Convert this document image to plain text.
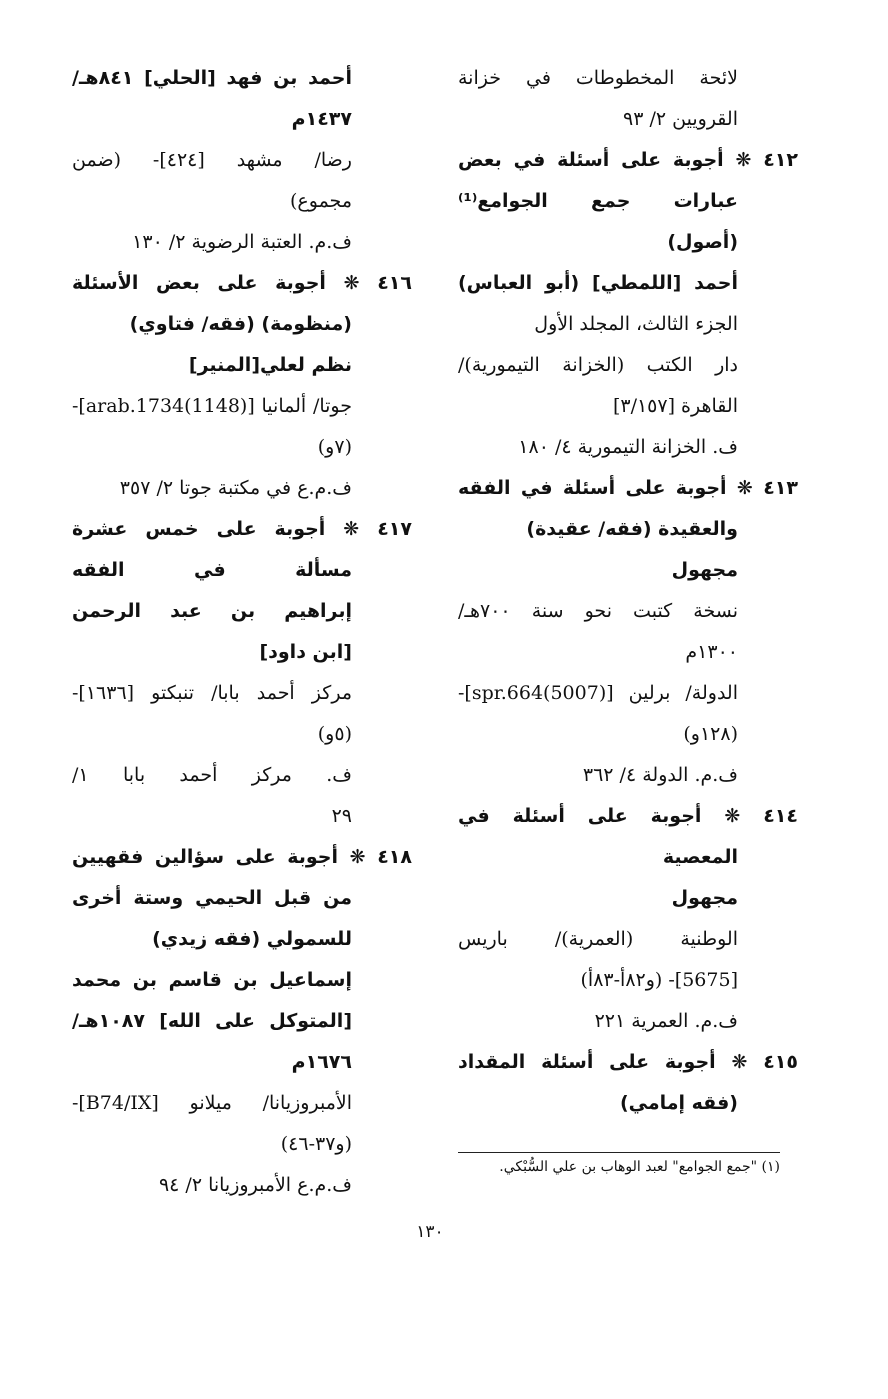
لائحة المخطوطات في خزانة
القرويين ٢/ ٩٣
٤١٢ ❋ أجوبة على أسئلة في بعض
عبارات جمع الجوامع⁽¹⁾
(أصول)
أحمد [اللمطي] (أبو العباس)
الجزء الثالث، المجلد الأول
دار الكتب (الخزانة التيمورية)/
القاهرة [٣/١٥٧]
ف. الخزانة التيمورية ٤/ ١٨٠
٤١٣ ❋ أجوبة على أسئلة في الفقه
والعقيدة (فقه/ عقيدة)
مجهول
نسخة كتبت نحو سنة ٧٠٠هـ/
١٣٠٠م
الدولة/ برلين [spr.664(5007)]-
(١٢٨و)
ف.م. الدولة ٤/ ٣٦٢
٤١٤ ❋ أجوبة على أسئلة في
المعصية
مجهول
الوطنية (العمرية)/ باريس
[5675]- (و٨٢أ-٨٣أ)
ف.م. العمرية ٢٢١
٤١٥ ❋ أجوبة على أسئلة المقداد
(فقه إمامي)
أحمد بن فهد [الحلي] ٨٤١هـ/
١٤٣٧م
رضا/ مشهد [٤٢٤]- (ضمن
مجموع)
ف.م. العتبة الرضوية ٢/ ١٣٠
٤١٦ ❋ أجوبة على بعض الأسئلة
(منظومة) (فقه/ فتاوي)
نظم لعلي[المنير]
جوتا/ ألمانيا [arab.1734(1148)]-
(٧و)
ف.م.ع في مكتبة جوتا ٢/ ٣٥٧
٤١٧ ❋ أجوبة على خمس عشرة
مسألة في الفقه
إبراهيم بن عبد الرحمن
[ابن داود]
مركز أحمد بابا/ تنبكتو [١٦٣٦]-
(٥و)
ف. مركز أحمد بابا ١/
٢٩
٤١٨ ❋ أجوبة على سؤالين فقهيين
من قبل الحيمي وستة أخرى
للسمولي (فقه زيدي)
إسماعيل بن قاسم بن محمد
[المتوكل على الله] ١٠٨٧هـ/
١٦٧٦م
الأمبروزيانا/ ميلانو [B74/IX]-
(و٣٧-٤٦)
ف.م.ع الأمبروزيانا ٢/ ٩٤
(١) "جمع الجوامع" لعبد الوهاب بن علي السُّبْكي.
١٣٠
